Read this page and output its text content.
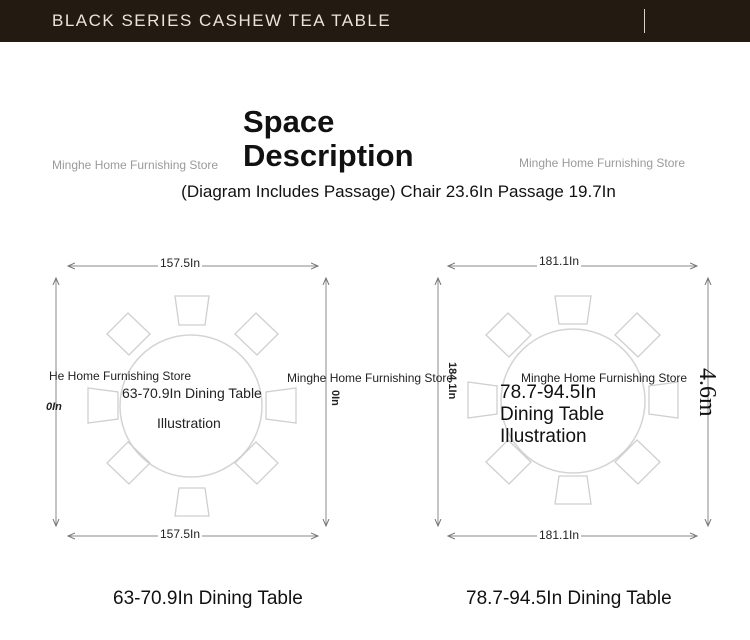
BLACK SERIES CASHEW TEA TABLE
Space Description
(Diagram Includes Passage) Chair 23.6In Passage 19.7In
Minghe Home Furnishing Store	Minghe Home Furnishing Store
157.5In
157.5In
0In
0In
He Home Furnishing Store	Minghe Home Furnishing Store
63-70.9In Dining Table
Illustration
181.1In
181.1In
184.1In	Minghe Home Furnishing Store
78.7-94.5In Dining Table Illustration
4.6m
63-70.9In Dining Table	78.7-94.5In Dining Table
